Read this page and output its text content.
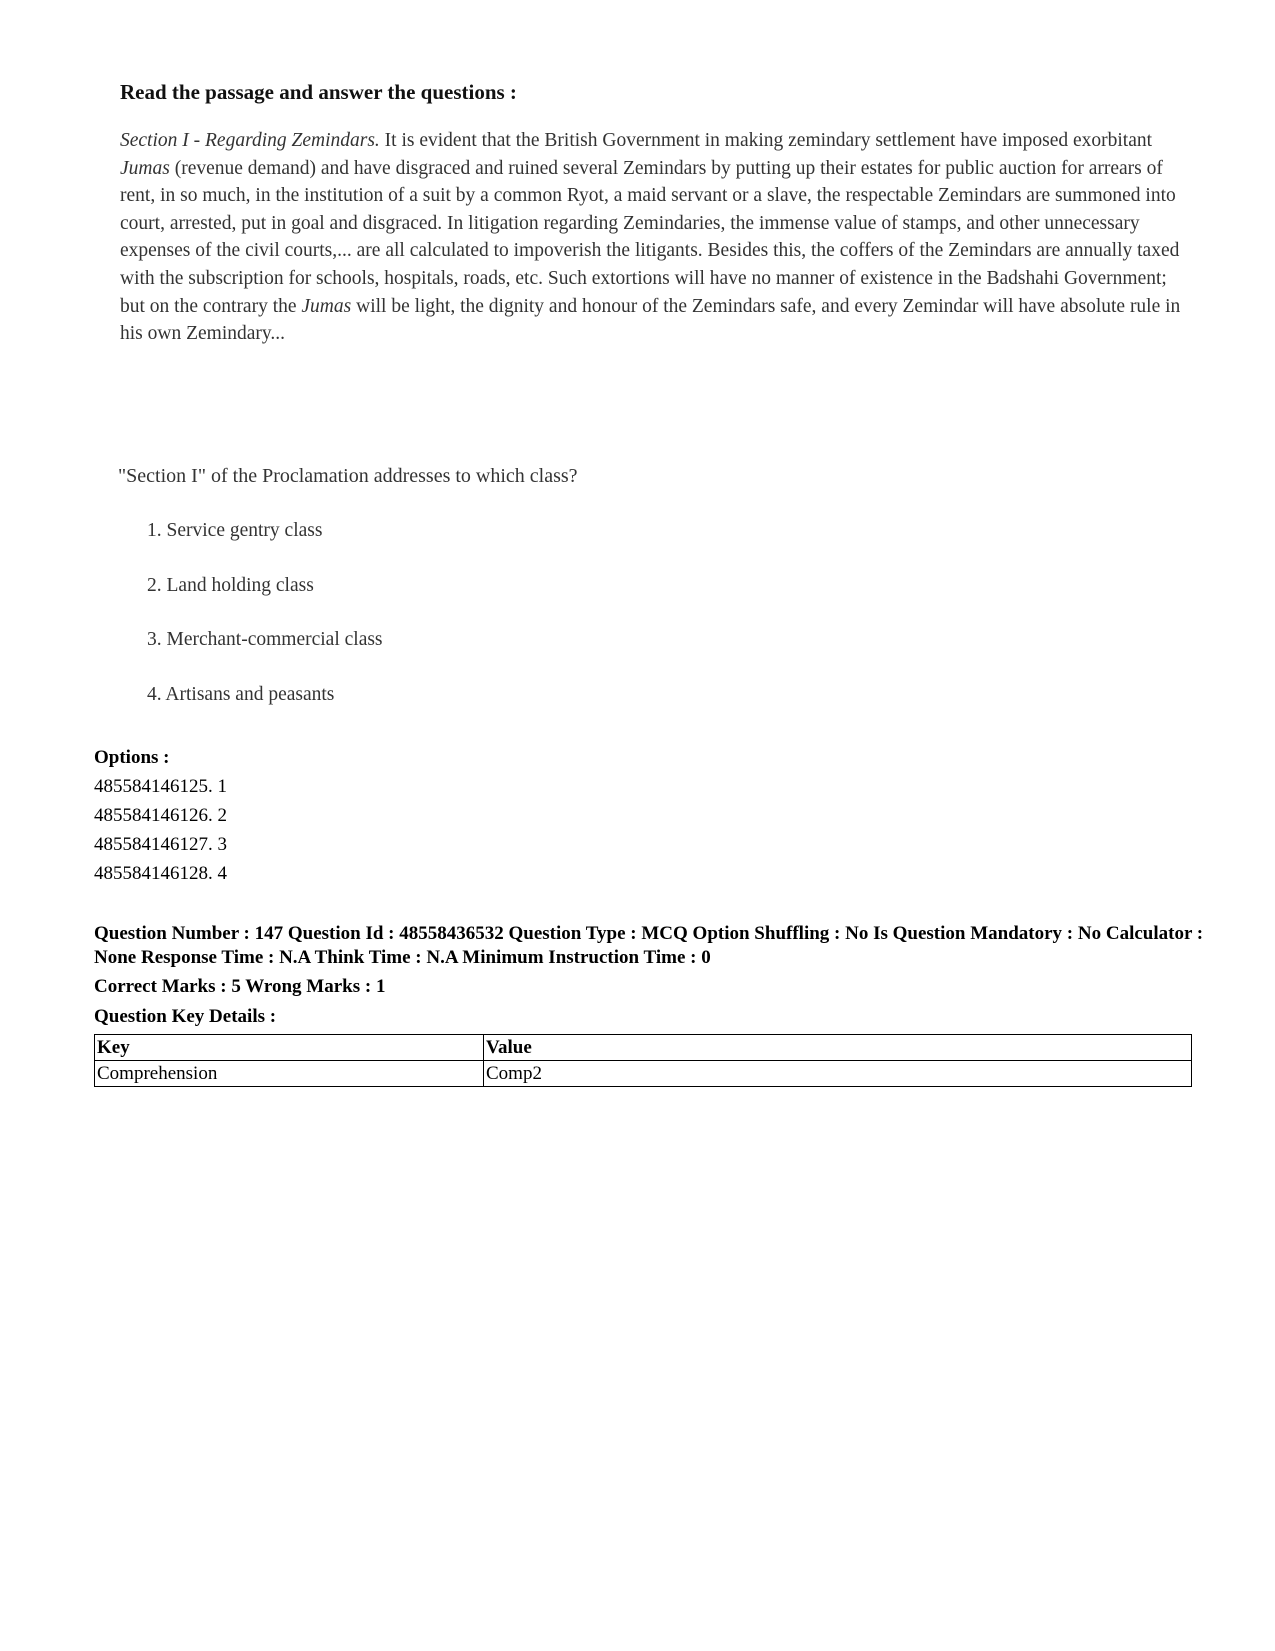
Read the passage and answer the questions :

Section I - Regarding Zemindars. It is evident that the British Government in making zemindary settlement have imposed exorbitant Jumas (revenue demand) and have disgraced and ruined several Zemindars by putting up their estates for public auction for arrears of rent, in so much, in the institution of a suit by a common Ryot, a maid servant or a slave, the respectable Zemindars are summoned into court, arrested, put in goal and disgraced. In litigation regarding Zemindaries, the immense value of stamps, and other unnecessary expenses of the civil courts,... are all calculated to impoverish the litigants. Besides this, the coffers of the Zemindars are annually taxed with the subscription for schools, hospitals, roads, etc. Such extortions will have no manner of existence in the Badshahi Government; but on the contrary the Jumas will be light, the dignity and honour of the Zemindars safe, and every Zemindar will have absolute rule in his own Zemindary...

"Section I" of the Proclamation addresses to which class?
1. Service gentry class
2. Land holding class
3. Merchant-commercial class
4. Artisans and peasants
Options :
485584146125. 1
485584146126. 2
485584146127. 3
485584146128. 4
Question Number : 147 Question Id : 48558436532 Question Type : MCQ Option Shuffling : No Is Question Mandatory : No Calculator : None Response Time : N.A Think Time : N.A Minimum Instruction Time : 0
Correct Marks : 5 Wrong Marks : 1
Question Key Details :
Key	Value
Comprehension	Comp2
